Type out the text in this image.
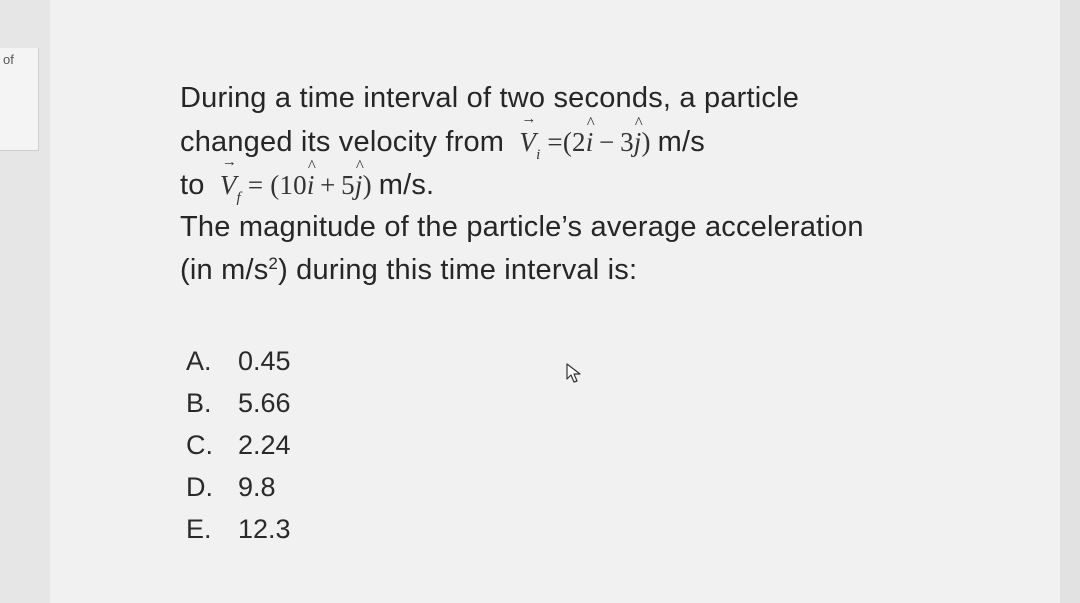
of
During a time interval of two seconds, a particle
changed its velocity from → $V_i$ =(2^ i − 3^ j) m/s
to → $V_f$ = (10^ i + 5^ j) m/s.
The magnitude of the particle’s average acceleration
(in $m/s^2$) during this time interval is:
A. 0.45
B. 5.66
C. 2.24
D. 9.8
E. 12.3
